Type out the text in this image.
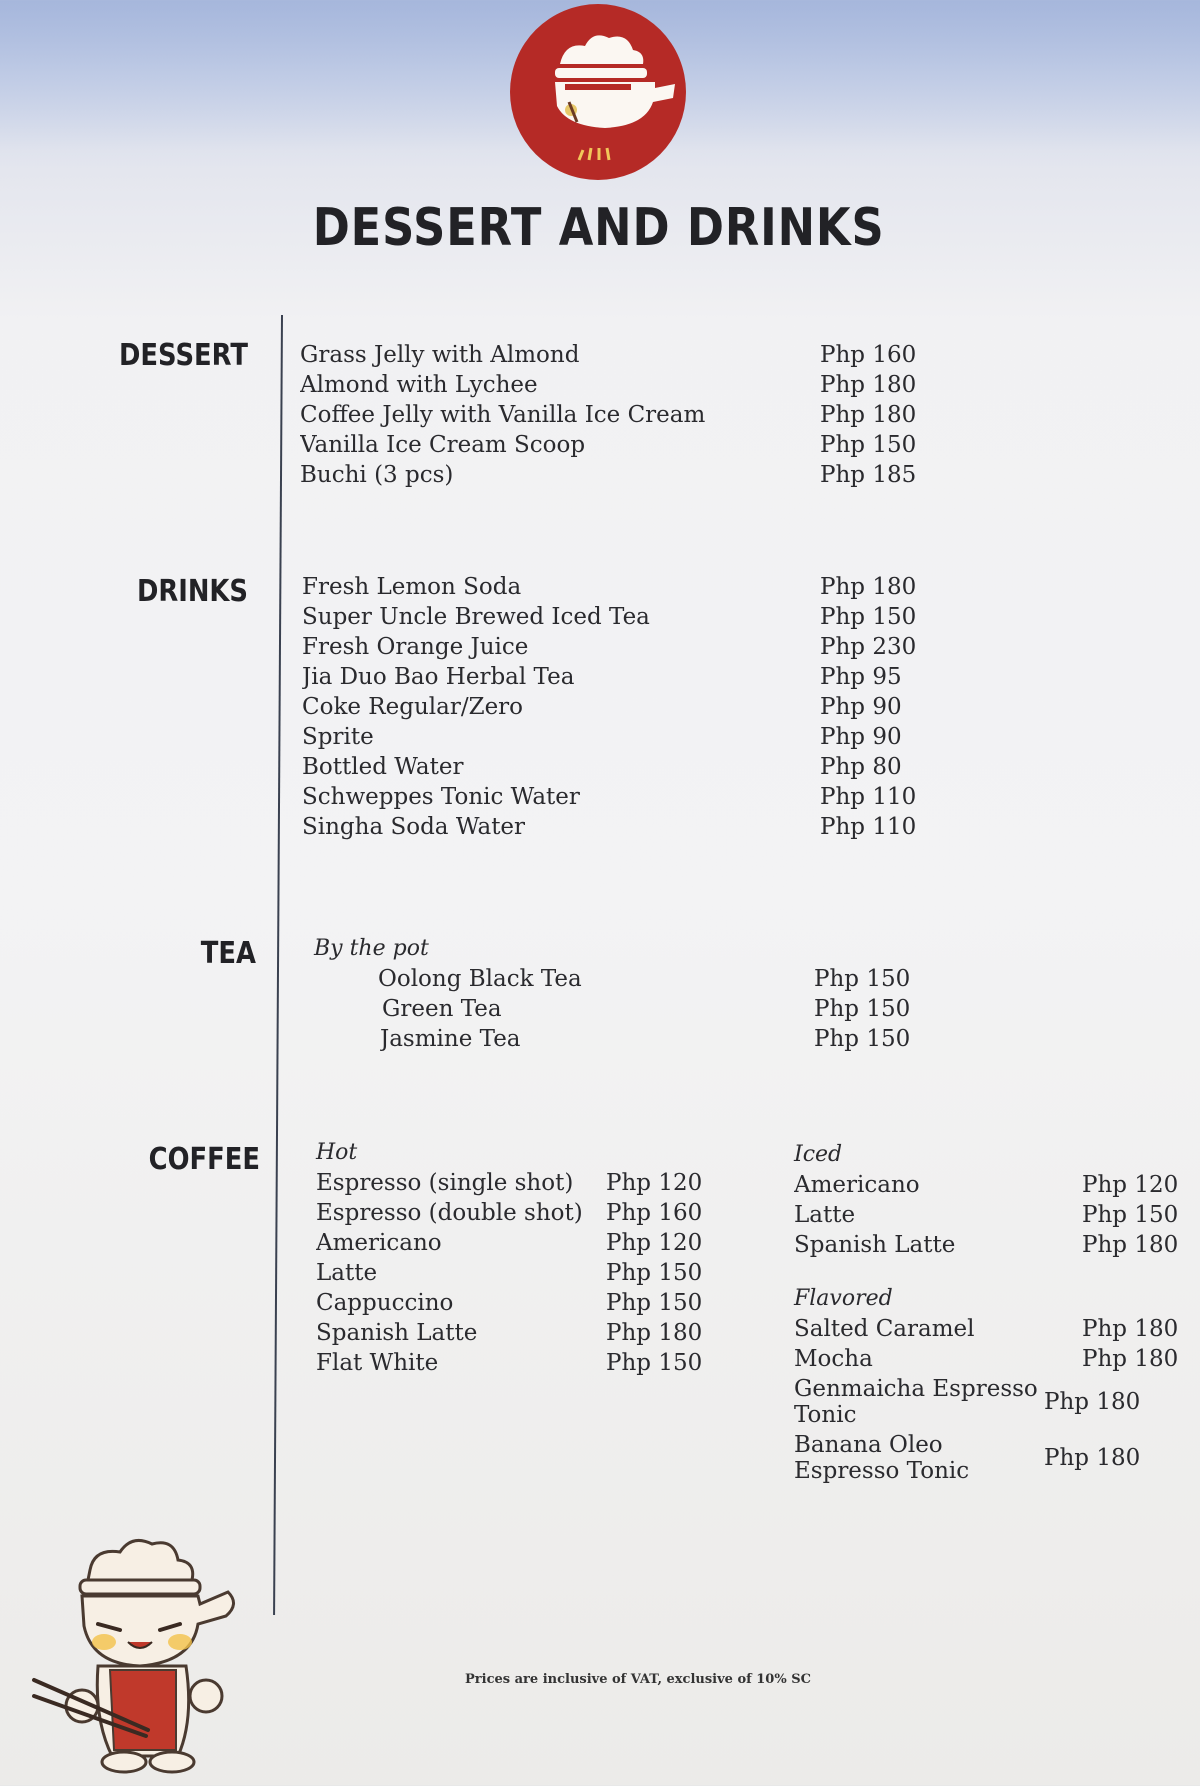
DESSERT AND DRINKS
DESSERT Grass Jelly with Almond	Php 160
Almond with Lychee	Php 180
Coffee Jelly with Vanilla Ice Cream	Php 180
Vanilla Ice Cream Scoop	Php 150
Buchi (3 pcs)	Php 185
DRINKS Fresh Lemon Soda	Php 180
Super Uncle Brewed Iced Tea	Php 150
Fresh Orange Juice	Php 230
Jia Duo Bao Herbal Tea	Php 95
Coke Regular/Zero	Php 90
Sprite	Php 90
Bottled Water	Php 80
Schweppes Tonic Water	Php 110
Singha Soda Water	Php 110
TEA	By the pot
Oolong Black Tea	Php 150
Green Tea	Php 150
Jasmine Tea	Php 150
COFFEE	Hot
Espresso (single shot)	Php 120
Espresso (double shot)	Php 160
Americano	Php 120
Latte	Php 150
Cappuccino	Php 150
Spanish Latte	Php 180
Flat White	Php 150
Iced
Americano	Php 120
Latte	Php 150
Spanish Latte	Php 180
Flavored
Salted Caramel	Php 180
Mocha	Php 180
Genmaicha Espresso Tonic	Php 180
Banana Oleo Espresso Tonic	Php 180
Prices are inclusive of VAT, exclusive of 10% SC
